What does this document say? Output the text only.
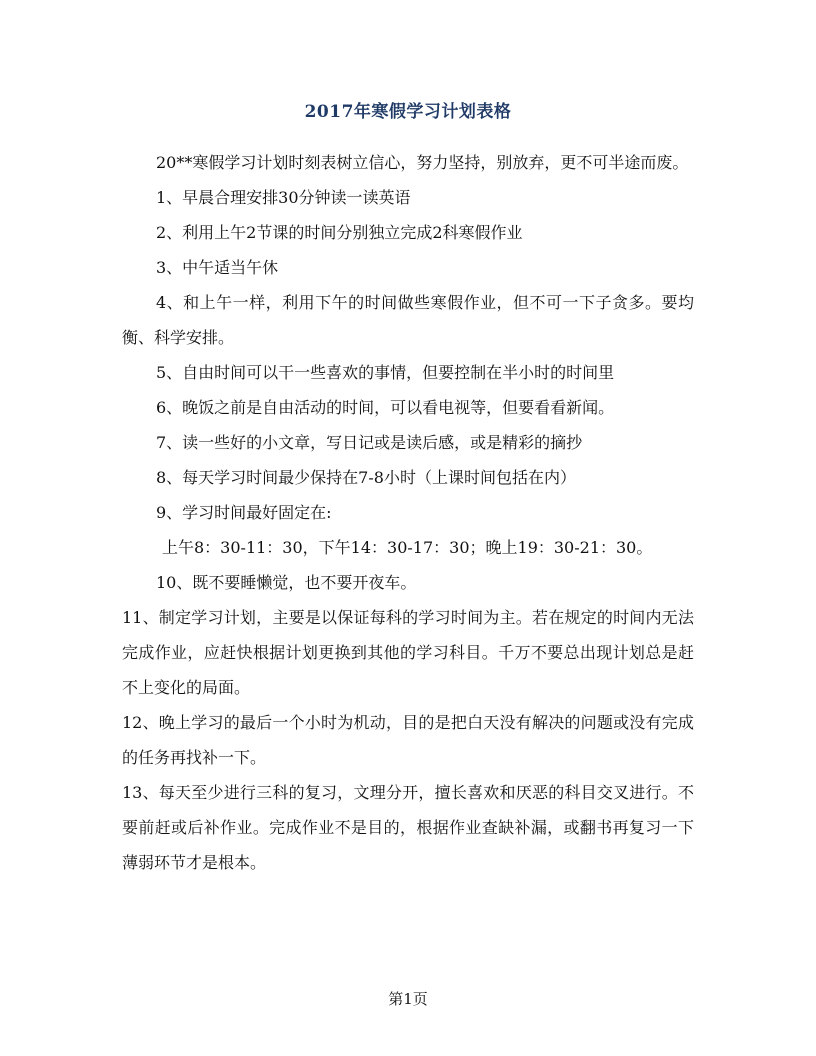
2017年寒假学习计划表格

20**寒假学习计划时刻表树立信心，努力坚持，别放弃，更不可半途而废。

1、早晨合理安排30分钟读一读英语

2、利用上午2节课的时间分别独立完成2科寒假作业

3、中午适当午休

4、和上午一样，利用下午的时间做些寒假作业，但不可一下子贪多。要均衡、科学安排。

5、自由时间可以干一些喜欢的事情，但要控制在半小时的时间里

6、晚饭之前是自由活动的时间，可以看电视等，但要看看新闻。

7、读一些好的小文章，写日记或是读后感，或是精彩的摘抄

8、每天学习时间最少保持在7-8小时（上课时间包括在内）

9、学习时间最好固定在:

上午8：30-11：30，下午14：30-17：30；晚上19：30-21：30。

10、既不要睡懒觉，也不要开夜车。

11、制定学习计划，主要是以保证每科的学习时间为主。若在规定的时间内无法完成作业，应赶快根据计划更换到其他的学习科目。千万不要总出现计划总是赶不上变化的局面。

12、晚上学习的最后一个小时为机动，目的是把白天没有解决的问题或没有完成的任务再找补一下。

13、每天至少进行三科的复习，文理分开，擅长喜欢和厌恶的科目交叉进行。不要前赶或后补作业。完成作业不是目的，根据作业查缺补漏，或翻书再复习一下薄弱环节才是根本。

第1页
